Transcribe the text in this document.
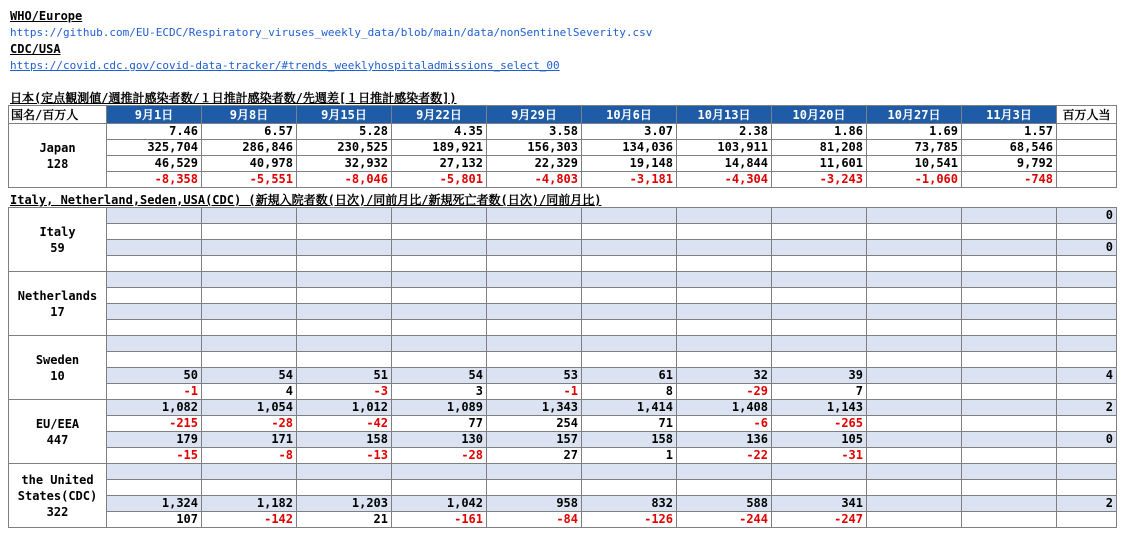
WHO/Europe
https://github.com/EU-ECDC/Respiratory_viruses_weekly_data/blob/main/data/nonSentinelSeverity.csv
CDC/USA
https://covid.cdc.gov/covid-data-tracker/#trends_weeklyhospitaladmissions_select_00
日本(定点観測値/週推計感染者数/１日推計感染者数/先週差[１日推計感染者数])
国名/百万人	9月1日	9月8日	9月15日	9月22日	9月29日	10月6日	10月13日	10月20日	10月27日	11月3日	百万人当

Japan
128	7.46	6.57	5.28	4.35	3.58	3.07	2.38	1.86	1.69	1.57	
	325,704	286,846	230,525	189,921	156,303	134,036	103,911	81,208	73,785	68,546	
	46,529	40,978	32,932	27,132	22,329	19,148	14,844	11,601	10,541	9,792	
	-8,358	-5,551	-8,046	-5,801	-4,803	-3,181	-4,304	-3,243	-1,060	-748	
Italy, Netherland,Seden,USA(CDC) (新規入院者数(日次)/同前月比/新規死亡者数(日次)/同前月比)
Italy
59											0

											0

Netherlands
17											

Sweden
10											

	50	54	51	54	53	61	32	39			4
	-1	4	-3	3	-1	8	-29	7			

EU/EEA
447	1,082	1,054	1,012	1,089	1,343	1,414	1,408	1,143			2
	-215	-28	-42	77	254	71	-6	-265			
	179	171	158	130	157	158	136	105			0
	-15	-8	-13	-28	27	1	-22	-31			

the United States(CDC)
322											

	1,324	1,182	1,203	1,042	958	832	588	341			2
	107	-142	21	-161	-84	-126	-244	-247			
